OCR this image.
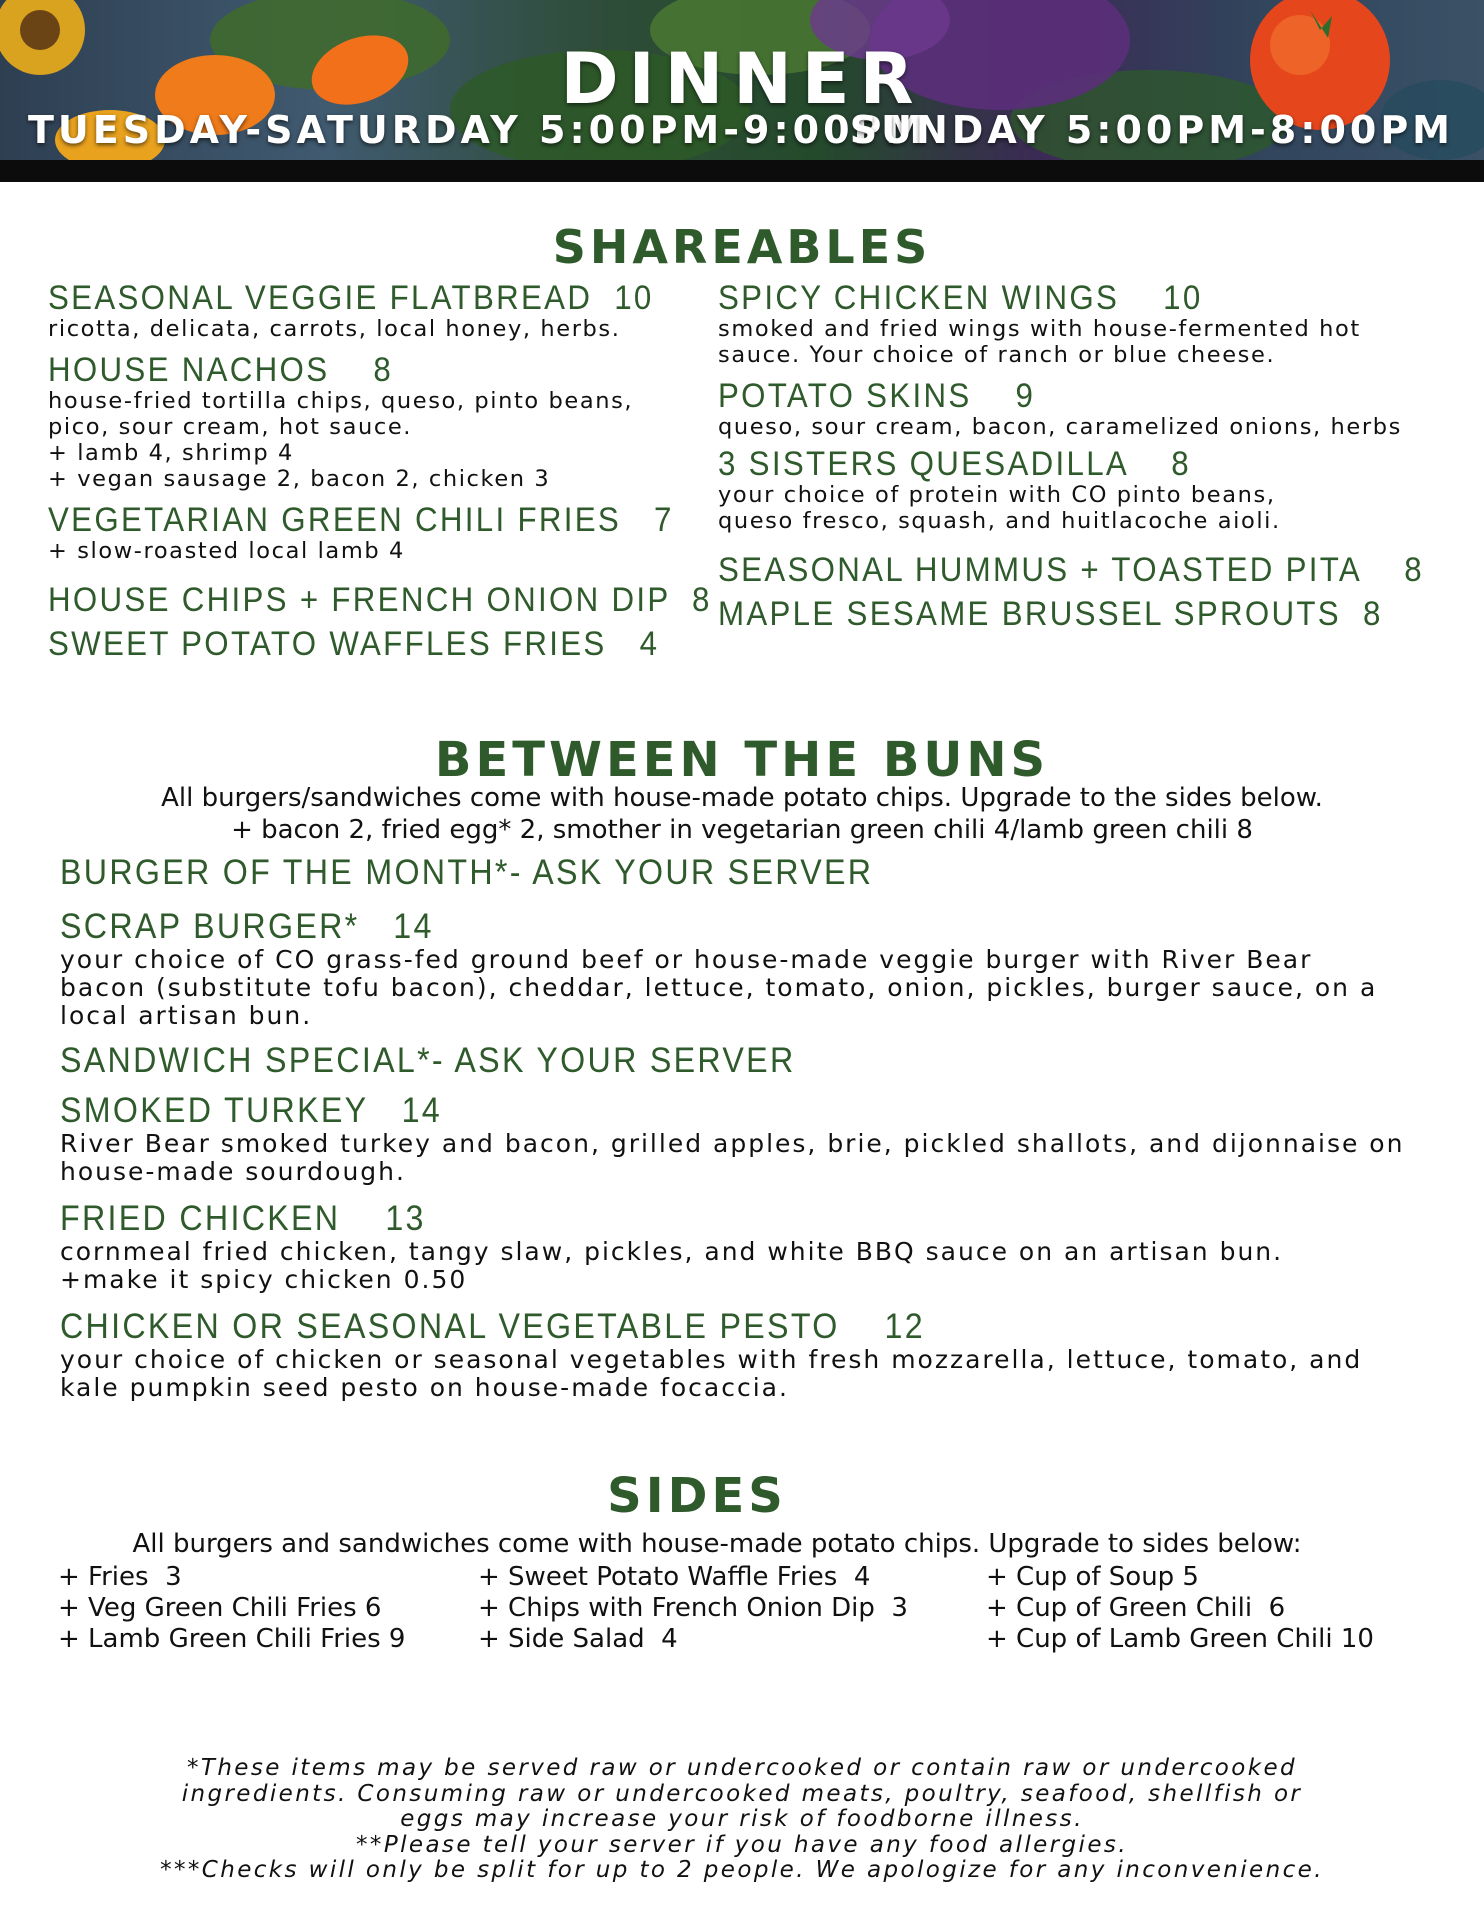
DINNER
TUESDAY-SATURDAY 5:00PM-9:00PM
SUNDAY 5:00PM-8:00PM
SHAREABLES
SEASONAL VEGGIE FLATBREAD  10
ricotta, delicata, carrots, local honey, herbs.
HOUSE NACHOS    8
house-fried tortilla chips, queso, pinto beans,
pico, sour cream, hot sauce.
+ lamb 4, shrimp 4
+ vegan sausage 2, bacon 2, chicken 3
VEGETARIAN GREEN CHILI FRIES   7
+ slow-roasted local lamb 4
HOUSE CHIPS + FRENCH ONION DIP  8
SWEET POTATO WAFFLES FRIES   4
SPICY CHICKEN WINGS    10
smoked and fried wings with house-fermented hot
sauce. Your choice of ranch or blue cheese.
POTATO SKINS    9
queso, sour cream, bacon, caramelized onions, herbs
3 SISTERS QUESADILLA    8
your choice of protein with CO pinto beans,
queso fresco, squash, and huitlacoche aioli.
SEASONAL HUMMUS + TOASTED PITA    8
MAPLE SESAME BRUSSEL SPROUTS  8
BETWEEN THE BUNS
All burgers/sandwiches come with house-made potato chips. Upgrade to the sides below.
+ bacon 2, fried egg* 2, smother in vegetarian green chili 4/lamb green chili 8
BURGER OF THE MONTH*- ASK YOUR SERVER
SCRAP BURGER*   14
your choice of CO grass-fed ground beef or house-made veggie burger with River Bear
bacon (substitute tofu bacon), cheddar, lettuce, tomato, onion, pickles, burger sauce, on a
local artisan bun.
SANDWICH SPECIAL*- ASK YOUR SERVER
SMOKED TURKEY   14
River Bear smoked turkey and bacon, grilled apples, brie, pickled shallots, and dijonnaise on
house-made sourdough.
FRIED CHICKEN    13
cornmeal fried chicken, tangy slaw, pickles, and white BBQ sauce on an artisan bun.
+make it spicy chicken 0.50
CHICKEN OR SEASONAL VEGETABLE PESTO    12
your choice of chicken or seasonal vegetables with fresh mozzarella, lettuce, tomato, and
kale pumpkin seed pesto on house-made focaccia.
SIDES
All burgers and sandwiches come with house-made potato chips. Upgrade to sides below:
+ Fries  3
+ Veg Green Chili Fries 6
+ Lamb Green Chili Fries 9
+ Sweet Potato Waffle Fries  4
+ Chips with French Onion Dip  3
+ Side Salad  4
+ Cup of Soup 5
+ Cup of Green Chili  6
+ Cup of Lamb Green Chili 10
*These items may be served raw or undercooked or contain raw or undercooked
ingredients. Consuming raw or undercooked meats, poultry, seafood, shellfish or
eggs may increase your risk of foodborne illness.
**Please tell your server if you have any food allergies.
***Checks will only be split for up to 2 people. We apologize for any inconvenience.
